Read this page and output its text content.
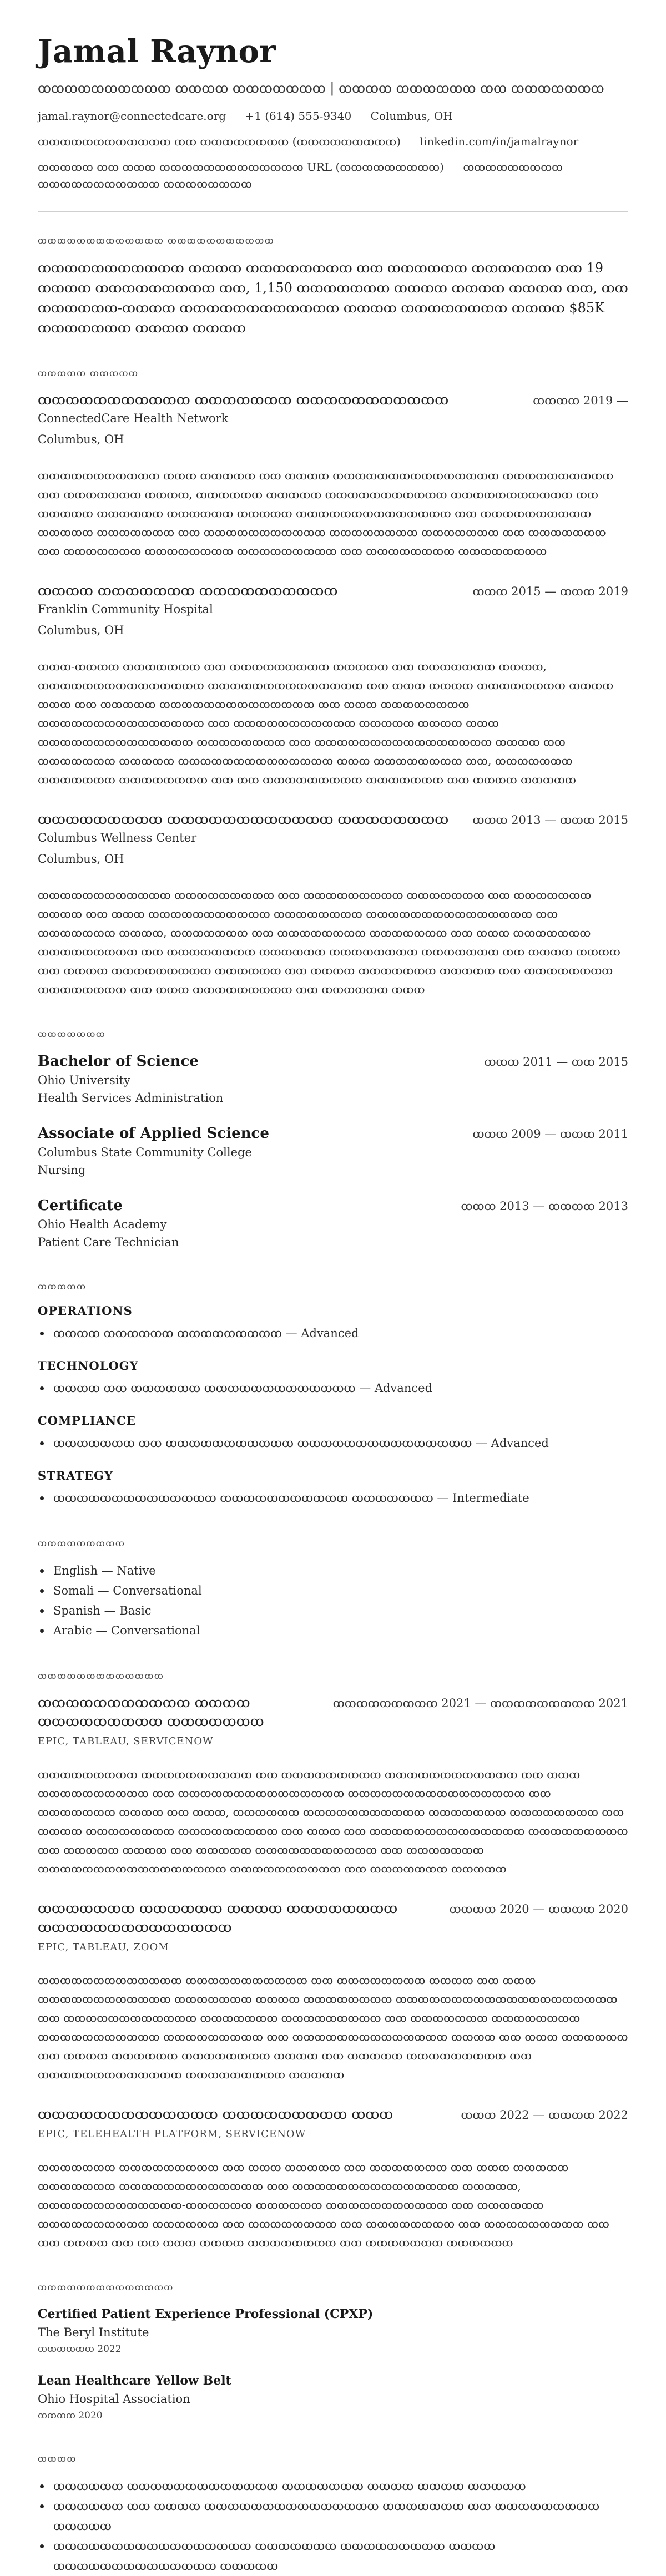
Jamal Raynor
ꝏꝏꝏꝏꝏꝏꝏꝏꝏꝏ ꝏꝏꝏꝏ ꝏꝏꝏꝏꝏꝏꝏ | ꝏꝏꝏꝏ ꝏꝏꝏꝏꝏꝏ ꝏꝏ ꝏꝏꝏꝏꝏꝏꝏ
jamal.raynor@connectedcare.org +1 (614) 555-9340 Columbus, OH
ꝏꝏꝏꝏꝏꝏꝏꝏꝏꝏꝏꝏ ꝏꝏ ꝏꝏꝏꝏꝏꝏꝏꝏ (ꝏꝏꝏꝏꝏꝏꝏꝏꝏ) linkedin.com/in/jamalraynor
ꝏꝏꝏꝏꝏ ꝏꝏ ꝏꝏꝏ ꝏꝏꝏꝏꝏꝏꝏꝏꝏꝏꝏꝏꝏ URL (ꝏꝏꝏꝏꝏꝏꝏꝏꝏ) ꝏꝏꝏꝏꝏꝏꝏꝏꝏ ꝏꝏꝏꝏꝏꝏꝏꝏꝏꝏꝏ ꝏꝏꝏꝏꝏꝏꝏꝏ
ꝏꝏꝏꝏꝏꝏꝏꝏꝏꝏꝏꝏꝏ ꝏꝏꝏꝏꝏꝏꝏꝏꝏꝏꝏ
ꝏꝏꝏꝏꝏꝏꝏꝏꝏꝏꝏ ꝏꝏꝏꝏ ꝏꝏꝏꝏꝏꝏꝏꝏ ꝏꝏ ꝏꝏꝏꝏꝏꝏ ꝏꝏꝏꝏꝏꝏ ꝏꝏ 19 ꝏꝏꝏꝏ ꝏꝏꝏꝏꝏꝏꝏꝏꝏ ꝏꝏ, 1,150 ꝏꝏꝏꝏꝏꝏꝏ ꝏꝏꝏꝏ ꝏꝏꝏꝏ ꝏꝏꝏꝏ ꝏꝏ, ꝏꝏ ꝏꝏꝏꝏꝏꝏ-ꝏꝏꝏꝏ ꝏꝏꝏꝏꝏꝏꝏꝏꝏꝏꝏꝏ ꝏꝏꝏꝏ ꝏꝏꝏꝏꝏꝏꝏꝏ ꝏꝏꝏꝏ $85K ꝏꝏꝏꝏꝏꝏꝏ ꝏꝏꝏꝏ ꝏꝏꝏꝏ
ꝏꝏꝏꝏꝏ ꝏꝏꝏꝏꝏ
ꝏꝏꝏꝏꝏꝏꝏꝏꝏꝏꝏ ꝏꝏꝏꝏꝏꝏꝏ ꝏꝏꝏꝏꝏꝏꝏꝏꝏꝏꝏ	ꝏꝏꝏꝏ 2019 —
ConnectedCare Health Network
Columbus, OH
ꝏꝏꝏꝏꝏꝏꝏꝏꝏꝏꝏ ꝏꝏꝏ ꝏꝏꝏꝏꝏ ꝏꝏ ꝏꝏꝏꝏ ꝏꝏꝏꝏꝏꝏꝏꝏꝏꝏꝏꝏꝏꝏꝏ ꝏꝏꝏꝏꝏꝏꝏꝏꝏꝏ ꝏꝏ ꝏꝏꝏꝏꝏꝏꝏ ꝏꝏꝏꝏ, ꝏꝏꝏꝏꝏꝏ ꝏꝏꝏꝏꝏ ꝏꝏꝏꝏꝏꝏꝏꝏꝏꝏꝏ ꝏꝏꝏꝏꝏꝏꝏꝏꝏꝏꝏ ꝏꝏ ꝏꝏꝏꝏꝏ ꝏꝏꝏꝏꝏꝏ ꝏꝏꝏꝏꝏꝏ ꝏꝏꝏꝏꝏ ꝏꝏꝏꝏꝏꝏꝏꝏꝏꝏꝏꝏꝏꝏ ꝏꝏ ꝏꝏꝏꝏꝏꝏꝏꝏꝏꝏ ꝏꝏꝏꝏꝏ ꝏꝏꝏꝏꝏꝏꝏ ꝏꝏ ꝏꝏꝏꝏꝏꝏꝏꝏꝏꝏꝏ ꝏꝏꝏꝏꝏꝏꝏꝏ ꝏꝏꝏꝏꝏꝏꝏ ꝏꝏ ꝏꝏꝏꝏꝏꝏꝏ ꝏꝏ ꝏꝏꝏꝏꝏꝏꝏ ꝏꝏꝏꝏꝏꝏꝏꝏ ꝏꝏꝏꝏꝏꝏꝏꝏꝏ ꝏꝏ ꝏꝏꝏꝏꝏꝏꝏꝏ ꝏꝏꝏꝏꝏꝏꝏꝏ
ꝏꝏꝏꝏ ꝏꝏꝏꝏꝏꝏꝏ ꝏꝏꝏꝏꝏꝏꝏꝏꝏꝏ	ꝏꝏꝏ 2015 — ꝏꝏꝏ 2019
Franklin Community Hospital
Columbus, OH
ꝏꝏꝏ-ꝏꝏꝏꝏ ꝏꝏꝏꝏꝏꝏꝏ ꝏꝏ ꝏꝏꝏꝏꝏꝏꝏꝏꝏ ꝏꝏꝏꝏꝏ ꝏꝏ ꝏꝏꝏꝏꝏꝏꝏ ꝏꝏꝏꝏ, ꝏꝏꝏꝏꝏꝏꝏꝏꝏꝏꝏꝏꝏꝏꝏ ꝏꝏꝏꝏꝏꝏꝏꝏꝏꝏꝏꝏꝏꝏ ꝏꝏ ꝏꝏꝏ ꝏꝏꝏꝏ ꝏꝏꝏꝏꝏꝏꝏꝏ ꝏꝏꝏꝏ ꝏꝏꝏ ꝏꝏ ꝏꝏꝏꝏꝏ ꝏꝏꝏꝏꝏꝏꝏꝏꝏꝏꝏꝏꝏꝏ ꝏꝏ ꝏꝏꝏ ꝏꝏꝏꝏꝏꝏꝏꝏ ꝏꝏꝏꝏꝏꝏꝏꝏꝏꝏꝏꝏꝏꝏꝏ ꝏꝏ ꝏꝏꝏꝏꝏꝏꝏꝏꝏꝏꝏ ꝏꝏꝏꝏꝏ ꝏꝏꝏꝏ ꝏꝏꝏ ꝏꝏꝏꝏꝏꝏꝏꝏꝏꝏꝏꝏꝏꝏ ꝏꝏꝏꝏꝏꝏꝏꝏ ꝏꝏ ꝏꝏꝏꝏꝏꝏꝏꝏꝏꝏꝏꝏꝏꝏꝏꝏ ꝏꝏꝏꝏ ꝏꝏ ꝏꝏꝏꝏꝏꝏꝏ ꝏꝏꝏꝏꝏ ꝏꝏꝏꝏꝏꝏꝏꝏꝏꝏꝏꝏꝏꝏ ꝏꝏꝏ ꝏꝏꝏꝏꝏꝏꝏꝏ ꝏꝏ, ꝏꝏꝏꝏꝏꝏꝏ ꝏꝏꝏꝏꝏꝏꝏ ꝏꝏꝏꝏꝏꝏꝏꝏ ꝏꝏ ꝏꝏ ꝏꝏꝏꝏꝏꝏꝏꝏꝏ ꝏꝏꝏꝏꝏꝏꝏ ꝏꝏ ꝏꝏꝏꝏ ꝏꝏꝏꝏꝏ
ꝏꝏꝏꝏꝏꝏꝏꝏꝏ ꝏꝏꝏꝏꝏꝏꝏꝏꝏꝏꝏꝏ ꝏꝏꝏꝏꝏꝏꝏꝏ ꝏꝏꝏ 2013 — ꝏꝏꝏ 2015
Columbus Wellness Center
Columbus, OH
ꝏꝏꝏꝏꝏꝏꝏꝏꝏꝏꝏꝏ ꝏꝏꝏꝏꝏꝏꝏꝏꝏ ꝏꝏ ꝏꝏꝏꝏꝏꝏꝏꝏꝏ ꝏꝏꝏꝏꝏꝏꝏ ꝏꝏ ꝏꝏꝏꝏꝏꝏꝏ ꝏꝏꝏꝏ ꝏꝏ ꝏꝏꝏ ꝏꝏꝏꝏꝏꝏꝏꝏꝏꝏꝏ ꝏꝏꝏꝏꝏꝏꝏꝏ ꝏꝏꝏꝏꝏꝏꝏꝏꝏꝏꝏꝏꝏꝏꝏ ꝏꝏ ꝏꝏꝏꝏꝏꝏꝏ ꝏꝏꝏꝏ, ꝏꝏꝏꝏꝏꝏꝏ ꝏꝏ ꝏꝏꝏꝏꝏꝏꝏꝏ ꝏꝏꝏꝏꝏꝏꝏ ꝏꝏ ꝏꝏꝏ ꝏꝏꝏꝏꝏꝏꝏ ꝏꝏꝏꝏꝏꝏꝏꝏꝏ ꝏꝏ ꝏꝏꝏꝏꝏꝏꝏꝏ ꝏꝏꝏꝏꝏꝏ ꝏꝏꝏꝏꝏꝏꝏꝏ ꝏꝏꝏꝏꝏꝏꝏ ꝏꝏ ꝏꝏꝏꝏ ꝏꝏꝏꝏ ꝏꝏ ꝏꝏꝏꝏ ꝏꝏꝏꝏꝏꝏꝏꝏꝏ ꝏꝏꝏꝏꝏꝏ ꝏꝏ ꝏꝏꝏꝏ ꝏꝏꝏꝏꝏꝏꝏ ꝏꝏꝏꝏꝏ ꝏꝏ ꝏꝏꝏꝏꝏꝏꝏꝏ ꝏꝏꝏꝏꝏꝏꝏꝏ ꝏꝏ ꝏꝏꝏ ꝏꝏꝏꝏꝏꝏꝏꝏꝏ ꝏꝏ ꝏꝏꝏꝏꝏꝏ ꝏꝏꝏ
ꝏꝏꝏꝏꝏꝏꝏ
Bachelor of Science	ꝏꝏꝏ 2011 — ꝏꝏ 2015
Ohio University
Health Services Administration
Associate of Applied Science	ꝏꝏꝏ 2009 — ꝏꝏꝏ 2011
Columbus State Community College
Nursing
Certificate	ꝏꝏꝏ 2013 — ꝏꝏꝏꝏ 2013
Ohio Health Academy
Patient Care Technician
ꝏꝏꝏꝏꝏ
OPERATIONS
ꝏꝏꝏꝏ ꝏꝏꝏꝏꝏꝏ ꝏꝏꝏꝏꝏꝏꝏꝏꝏ — Advanced
TECHNOLOGY
ꝏꝏꝏꝏ ꝏꝏ ꝏꝏꝏꝏꝏꝏ ꝏꝏꝏꝏꝏꝏꝏꝏꝏꝏꝏꝏꝏ — Advanced
COMPLIANCE
ꝏꝏꝏꝏꝏꝏꝏ ꝏꝏ ꝏꝏꝏꝏꝏꝏꝏꝏꝏꝏꝏ ꝏꝏꝏꝏꝏꝏꝏꝏꝏꝏꝏꝏꝏꝏꝏ — Advanced
STRATEGY
ꝏꝏꝏꝏꝏꝏꝏꝏꝏꝏꝏꝏꝏꝏ ꝏꝏꝏꝏꝏꝏꝏꝏꝏꝏꝏ ꝏꝏꝏꝏꝏꝏꝏ — Intermediate
ꝏꝏꝏꝏꝏꝏꝏꝏꝏ
English — Native
Somali — Conversational
Spanish — Basic
Arabic — Conversational
ꝏꝏꝏꝏꝏꝏꝏꝏꝏꝏꝏꝏꝏ
ꝏꝏꝏꝏꝏꝏꝏꝏꝏꝏꝏ ꝏꝏꝏꝏ ꝏꝏꝏꝏꝏꝏꝏꝏꝏ ꝏꝏꝏꝏꝏꝏꝏ
ꝏꝏꝏꝏꝏꝏꝏꝏꝏ 2021 — ꝏꝏꝏꝏꝏꝏꝏꝏꝏ 2021
EPIC, TABLEAU, SERVICENOW
ꝏꝏꝏꝏꝏꝏꝏꝏꝏ ꝏꝏꝏꝏꝏꝏꝏꝏꝏꝏ ꝏꝏ ꝏꝏꝏꝏꝏꝏꝏꝏꝏ ꝏꝏꝏꝏꝏꝏꝏꝏꝏꝏꝏꝏ ꝏꝏ ꝏꝏꝏ ꝏꝏꝏꝏꝏꝏꝏꝏꝏꝏ ꝏꝏ ꝏꝏꝏꝏꝏꝏꝏꝏꝏꝏꝏꝏꝏꝏꝏ ꝏꝏꝏꝏꝏꝏꝏꝏꝏꝏꝏꝏꝏꝏꝏꝏ ꝏꝏ ꝏꝏꝏꝏꝏꝏꝏ ꝏꝏꝏꝏ ꝏꝏ ꝏꝏꝏ, ꝏꝏꝏꝏꝏꝏ ꝏꝏꝏꝏꝏꝏꝏꝏꝏꝏꝏ ꝏꝏꝏꝏꝏꝏꝏ ꝏꝏꝏꝏꝏꝏꝏꝏ ꝏꝏ ꝏꝏꝏꝏ ꝏꝏꝏꝏꝏꝏꝏꝏ ꝏꝏꝏꝏꝏꝏꝏꝏꝏ ꝏꝏ ꝏꝏꝏ ꝏꝏ ꝏꝏꝏꝏꝏꝏꝏꝏꝏꝏꝏꝏꝏꝏ ꝏꝏꝏꝏꝏꝏꝏꝏꝏ ꝏꝏ ꝏꝏꝏꝏꝏ ꝏꝏꝏꝏ ꝏꝏ ꝏꝏꝏꝏꝏ ꝏꝏꝏꝏꝏꝏꝏꝏꝏꝏꝏ ꝏꝏ ꝏꝏꝏꝏꝏꝏꝏ ꝏꝏꝏꝏꝏꝏꝏꝏꝏꝏꝏꝏꝏꝏꝏꝏꝏ ꝏꝏꝏꝏꝏꝏꝏꝏꝏꝏ ꝏꝏ ꝏꝏꝏꝏꝏꝏꝏ ꝏꝏꝏꝏꝏ
ꝏꝏꝏꝏꝏꝏꝏ ꝏꝏꝏꝏꝏꝏ ꝏꝏꝏꝏ ꝏꝏꝏꝏꝏꝏꝏꝏ ꝏꝏꝏꝏꝏꝏꝏꝏꝏꝏꝏꝏꝏꝏ
ꝏꝏꝏꝏ 2020 — ꝏꝏꝏꝏ 2020
EPIC, TABLEAU, ZOOM
ꝏꝏꝏꝏꝏꝏꝏꝏꝏꝏꝏꝏꝏ ꝏꝏꝏꝏꝏꝏꝏꝏꝏꝏꝏ ꝏꝏ ꝏꝏꝏꝏꝏꝏꝏꝏ ꝏꝏꝏꝏ ꝏꝏ ꝏꝏꝏ ꝏꝏꝏꝏꝏꝏꝏꝏꝏꝏꝏꝏ ꝏꝏꝏꝏꝏꝏꝏ ꝏꝏꝏꝏ ꝏꝏꝏꝏꝏꝏꝏꝏ ꝏꝏꝏꝏꝏꝏꝏꝏꝏꝏꝏꝏꝏꝏꝏꝏꝏꝏꝏꝏ ꝏꝏ ꝏꝏꝏꝏꝏꝏꝏꝏꝏꝏꝏꝏ ꝏꝏꝏꝏꝏꝏꝏ ꝏꝏꝏꝏꝏꝏꝏꝏꝏ ꝏꝏ ꝏꝏꝏꝏꝏꝏꝏ ꝏꝏꝏꝏꝏꝏꝏꝏ ꝏꝏꝏꝏꝏꝏꝏꝏꝏꝏꝏ ꝏꝏꝏꝏꝏꝏꝏꝏꝏ ꝏꝏ ꝏꝏꝏꝏꝏꝏꝏꝏꝏꝏꝏꝏꝏꝏ ꝏꝏꝏꝏ ꝏꝏ ꝏꝏꝏ ꝏꝏꝏꝏꝏꝏ ꝏꝏ ꝏꝏꝏꝏ ꝏꝏꝏꝏꝏꝏ ꝏꝏꝏꝏꝏꝏꝏꝏ ꝏꝏꝏꝏ ꝏꝏ ꝏꝏꝏꝏꝏ ꝏꝏꝏꝏꝏꝏꝏꝏꝏ ꝏꝏ ꝏꝏꝏꝏꝏꝏꝏꝏꝏꝏꝏꝏꝏ ꝏꝏꝏꝏꝏꝏꝏꝏꝏ ꝏꝏꝏꝏꝏ
ꝏꝏꝏꝏꝏꝏꝏꝏꝏꝏꝏꝏꝏ ꝏꝏꝏꝏꝏꝏꝏꝏꝏ ꝏꝏꝏ	ꝏꝏꝏ 2022 — ꝏꝏꝏꝏ 2022
EPIC, TELEHEALTH PLATFORM, SERVICENOW
ꝏꝏꝏꝏꝏꝏꝏ ꝏꝏꝏꝏꝏꝏꝏꝏꝏ ꝏꝏ ꝏꝏꝏ ꝏꝏꝏꝏꝏ ꝏꝏ ꝏꝏꝏꝏꝏꝏꝏ ꝏꝏ ꝏꝏꝏ ꝏꝏꝏꝏꝏ ꝏꝏꝏꝏꝏꝏꝏ ꝏꝏꝏꝏꝏꝏꝏꝏꝏꝏꝏꝏꝏ ꝏꝏ ꝏꝏꝏꝏꝏꝏꝏꝏꝏꝏꝏꝏꝏꝏꝏ ꝏꝏꝏꝏꝏ, ꝏꝏꝏꝏꝏꝏꝏꝏꝏꝏꝏꝏꝏ-ꝏꝏꝏꝏꝏꝏ ꝏꝏꝏꝏꝏꝏ ꝏꝏꝏꝏꝏꝏꝏꝏꝏꝏꝏ ꝏꝏ ꝏꝏꝏꝏꝏꝏ ꝏꝏꝏꝏꝏꝏꝏꝏꝏꝏ ꝏꝏꝏꝏꝏꝏ ꝏꝏ ꝏꝏꝏꝏꝏꝏꝏꝏ ꝏꝏ ꝏꝏꝏꝏꝏꝏꝏꝏ ꝏꝏ ꝏꝏꝏꝏꝏꝏꝏꝏꝏ ꝏꝏ ꝏꝏ ꝏꝏꝏꝏ ꝏꝏ ꝏꝏ ꝏꝏꝏ ꝏꝏꝏꝏ ꝏꝏꝏꝏꝏꝏꝏꝏ ꝏꝏ ꝏꝏꝏꝏꝏꝏꝏ ꝏꝏꝏꝏꝏꝏ
ꝏꝏꝏꝏꝏꝏꝏꝏꝏꝏꝏꝏꝏꝏ
Certified Patient Experience Professional (CPXP)
The Beryl Institute
ꝏꝏꝏꝏꝏꝏ 2022
Lean Healthcare Yellow Belt
Ohio Hospital Association
ꝏꝏꝏꝏ 2020
ꝏꝏꝏꝏ
ꝏꝏꝏꝏꝏꝏ ꝏꝏꝏꝏꝏꝏꝏꝏꝏꝏꝏꝏꝏ ꝏꝏꝏꝏꝏꝏꝏ ꝏꝏꝏꝏ ꝏꝏꝏꝏ ꝏꝏꝏꝏꝏ
ꝏꝏꝏꝏꝏꝏ ꝏꝏ ꝏꝏꝏꝏ ꝏꝏꝏꝏꝏꝏꝏꝏꝏꝏꝏꝏꝏꝏꝏ ꝏꝏꝏꝏꝏꝏꝏ ꝏꝏ ꝏꝏꝏꝏꝏꝏꝏꝏꝏ ꝏꝏꝏꝏꝏ
ꝏꝏꝏꝏꝏꝏꝏꝏꝏꝏꝏꝏꝏꝏꝏꝏꝏ ꝏꝏꝏꝏꝏꝏꝏ ꝏꝏꝏꝏꝏꝏꝏꝏꝏ ꝏꝏꝏꝏ ꝏꝏꝏꝏꝏꝏꝏꝏꝏꝏꝏꝏꝏꝏ ꝏꝏꝏꝏꝏ
